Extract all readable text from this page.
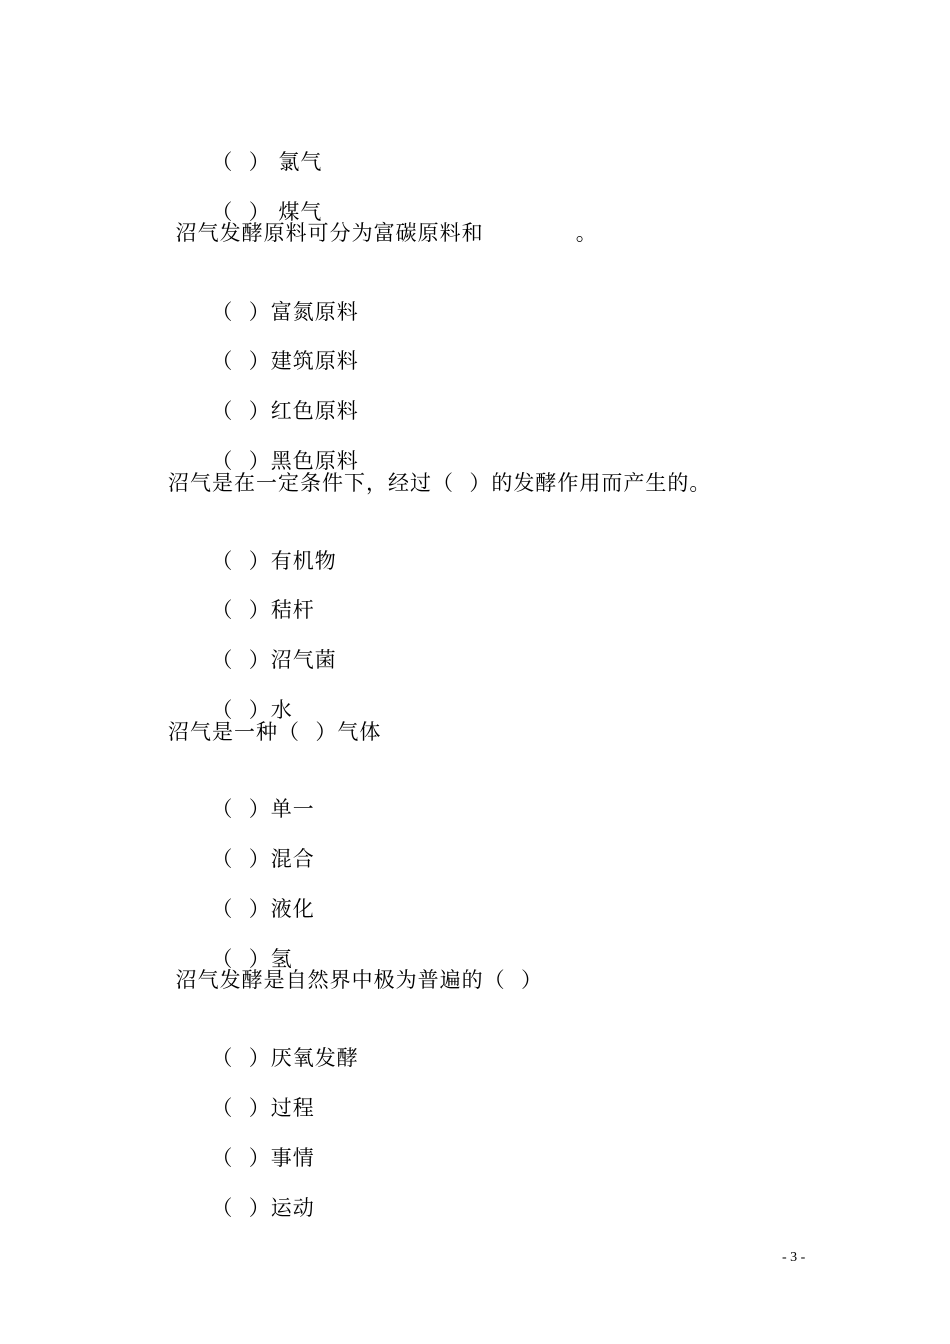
（  ） 氯气

（  ） 煤气

沼气发酵原料可分为富碳原料和            。

（  ）富氮原料

（  ）建筑原料

（  ）红色原料

（  ）黑色原料

沼气是在一定条件下，经过（  ）的发酵作用而产生的。

（  ）有机物

（  ）秸杆

（  ）沼气菌

（  ）水

沼气是一种（  ）气体

（  ）单一

（  ）混合

（  ）液化

（  ）氢

沼气发酵是自然界中极为普遍的（  ）

（  ）厌氧发酵

（  ）过程

（  ）事情

（  ）运动

- 3 -
